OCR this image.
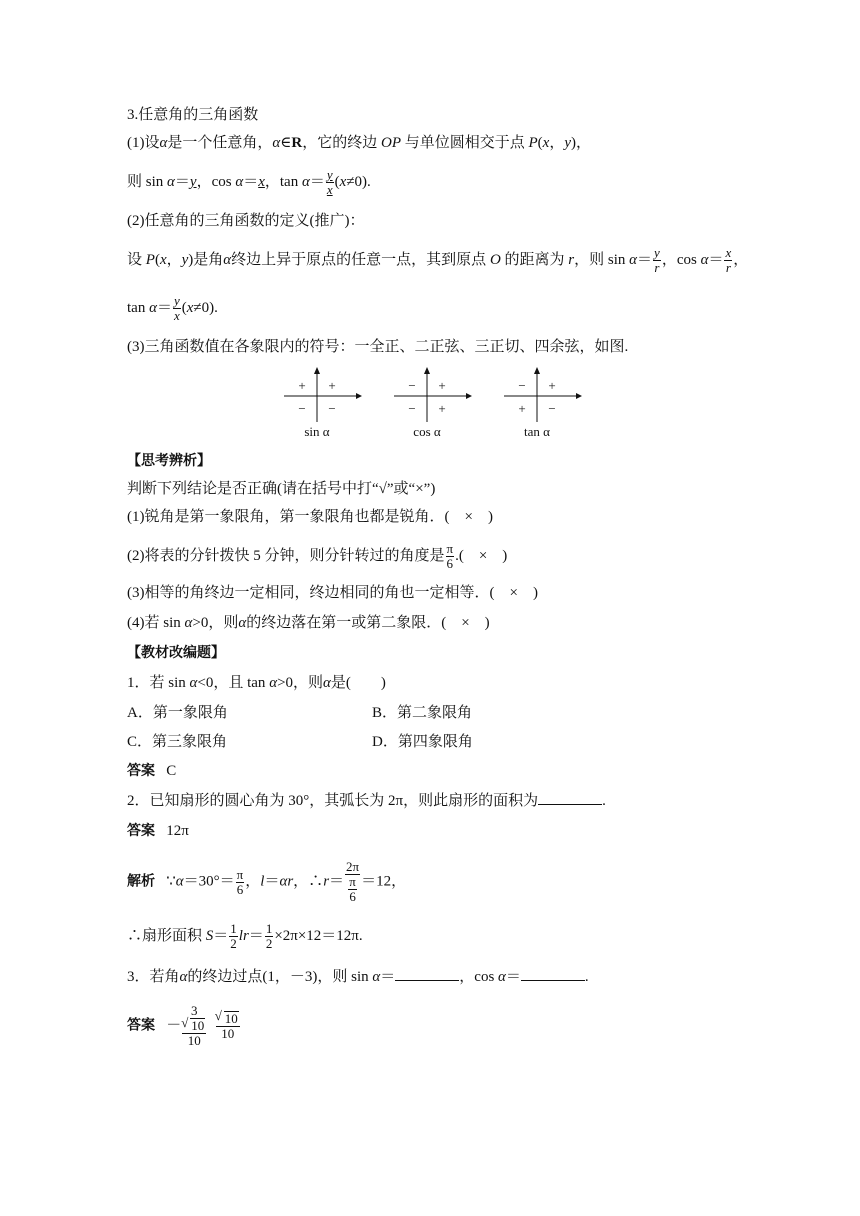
3.任意角的三角函数
(1)设α是一个任意角，α∈R，它的终边 OP 与单位圆相交于点 P(x，y)，
则 sin α＝y，cos α＝x，$\tan \alpha= \frac{y}{x} (x\ne 0)$.
(2)任意角的三角函数的定义(推广)：
设 P(x，y)是角α终边上异于原点的任意一点，其到原点 O 的距离为 r，则 $\sin \alpha= \frac{y}{r}$ ，$\cos \alpha= \frac{x}{r}$ ，
$\tan \alpha= \frac{y}{x} (x\ne 0)$.
(3)三角函数值在各象限内的符号：一全正、二正弦、三正切、四余弦，如图.
+
+
− −
sin α
+
−
− +
cos α
+
−
+ −
tan α
【思考辨析】
判断下列结论是否正确(请在括号中打“√”或“×”)
(1)锐角是第一象限角，第一象限角也都是锐角．(　×　)
(2)将表的分针拨快 5 分钟，则分针转过的角度是 $\frac{\pi}{6}$ .(　×　)
(3)相等的角终边一定相同，终边相同的角也一定相等．(　×　)
(4)若 sin α>0，则α的终边落在第一或第二象限．(　×　)
【教材改编题】
1．若 sin α<0，且 tan α>0，则α是(　　)
A．第一象限角	B．第二象限角
C．第三象限角	D．第四象限角
答案 C
2．已知扇形的圆心角为 30°，其弧长为 2π，则此扇形的面积为	.
答案 12π
解析 ∵α＝30°＝ $\frac{\pi}{6}$ ，l＝αr，∴r＝ 2π
π
6 ＝12，
∴扇形面积 $S= \frac{1}{2} lr= \frac{1}{2} \times 2\pi\times 12=12\pi$.
3．若角α的终边过点(1，－3)，则 sin α＝	，cos α＝	.
答案 － 3
√ 10
10

√ $\frac{10}{10}$
